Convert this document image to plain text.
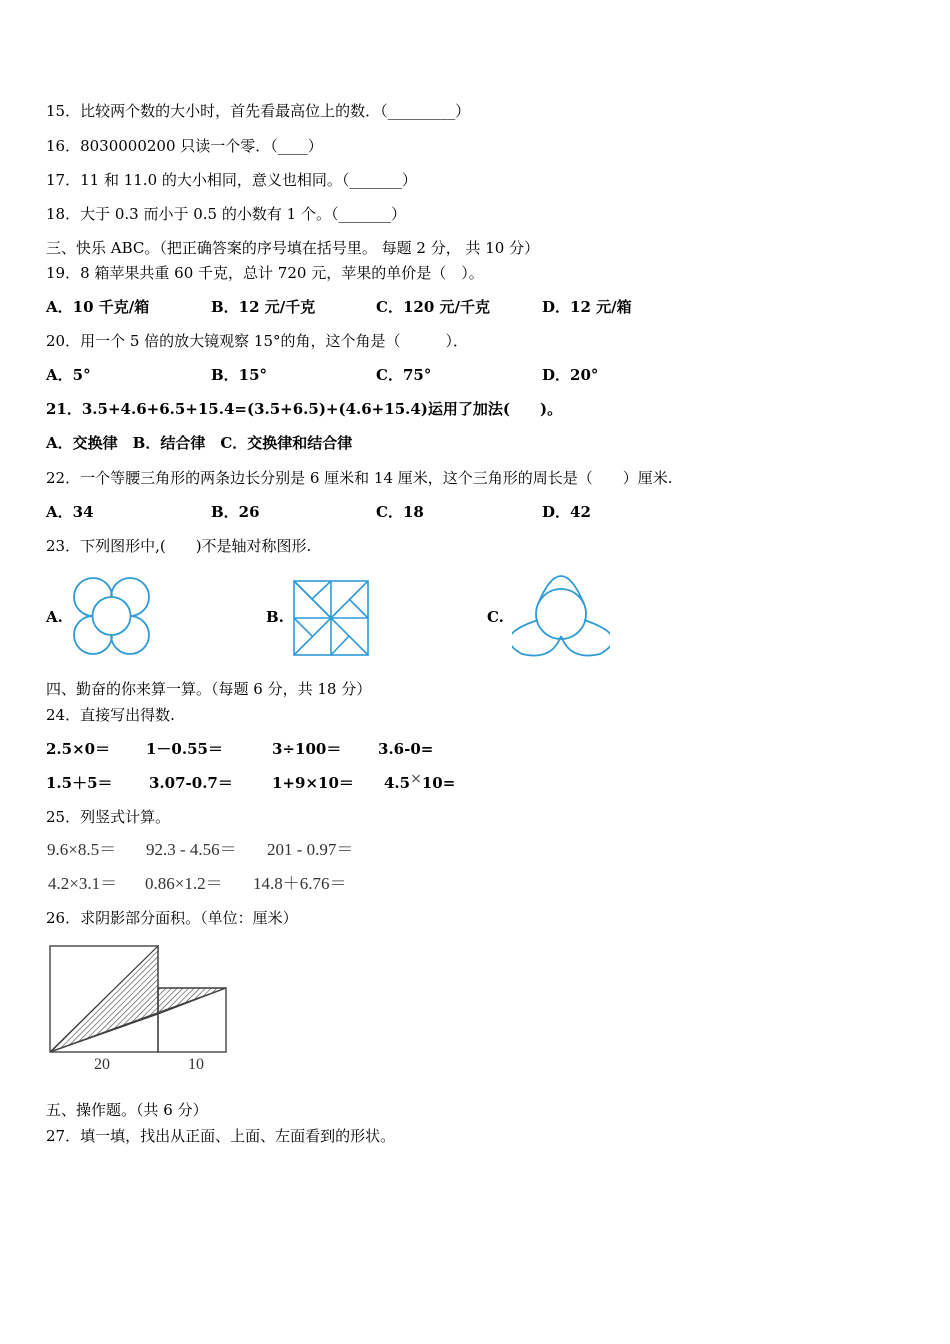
15．比较两个数的大小时，首先看最高位上的数．（_________）
16．8030000200 只读一个零．（____）
17．11 和 11.0 的大小相同，意义也相同。（_______）
18．大于 0.3 而小于 0.5 的小数有 1 个。（_______）
三、快乐 ABC。（把正确答案的序号填在括号里。 每题 2 分， 共 10 分）
19．8 箱苹果共重 60 千克，总计 720 元，苹果的单价是（　）。
A．10 千克/箱	B．12 元/千克	C．120 元/千克	D．12 元/箱
20．用一个 5 倍的放大镜观察 15°的角，这个角是（　　　）．
A．5°	B．15°	C．75°	D．20°
21．3.5+4.6+6.5+15.4=(3.5+6.5)+(4.6+15.4)运用了加法(　　)。
A．交换律　B．结合律　C．交换律和结合律
22．一个等腰三角形的两条边长分别是 6 厘米和 14 厘米，这个三角形的周长是（　　）厘米.
A．34	B．26	C．18	D．42
23．下列图形中,(　　)不是轴对称图形.
A.	B.	C.
四、勤奋的你来算一算。（每题 6 分，共 18 分）
24．直接写出得数.
2.5×0＝ 1－0.55＝	3÷100＝ 3.6-0=
1.5＋5＝ 3.07-0.7＝	1+9×10＝ 4.5×10=
25．列竖式计算。
9.6×8.5＝ 92.3 - 4.56＝ 201 - 0.97＝
4.2×3.1＝ 0.86×1.2＝ 14.8＋6.76＝
26．求阴影部分面积。（单位：厘米）
20	10
五、操作题。（共 6 分）
27．填一填，找出从正面、上面、左面看到的形状。
